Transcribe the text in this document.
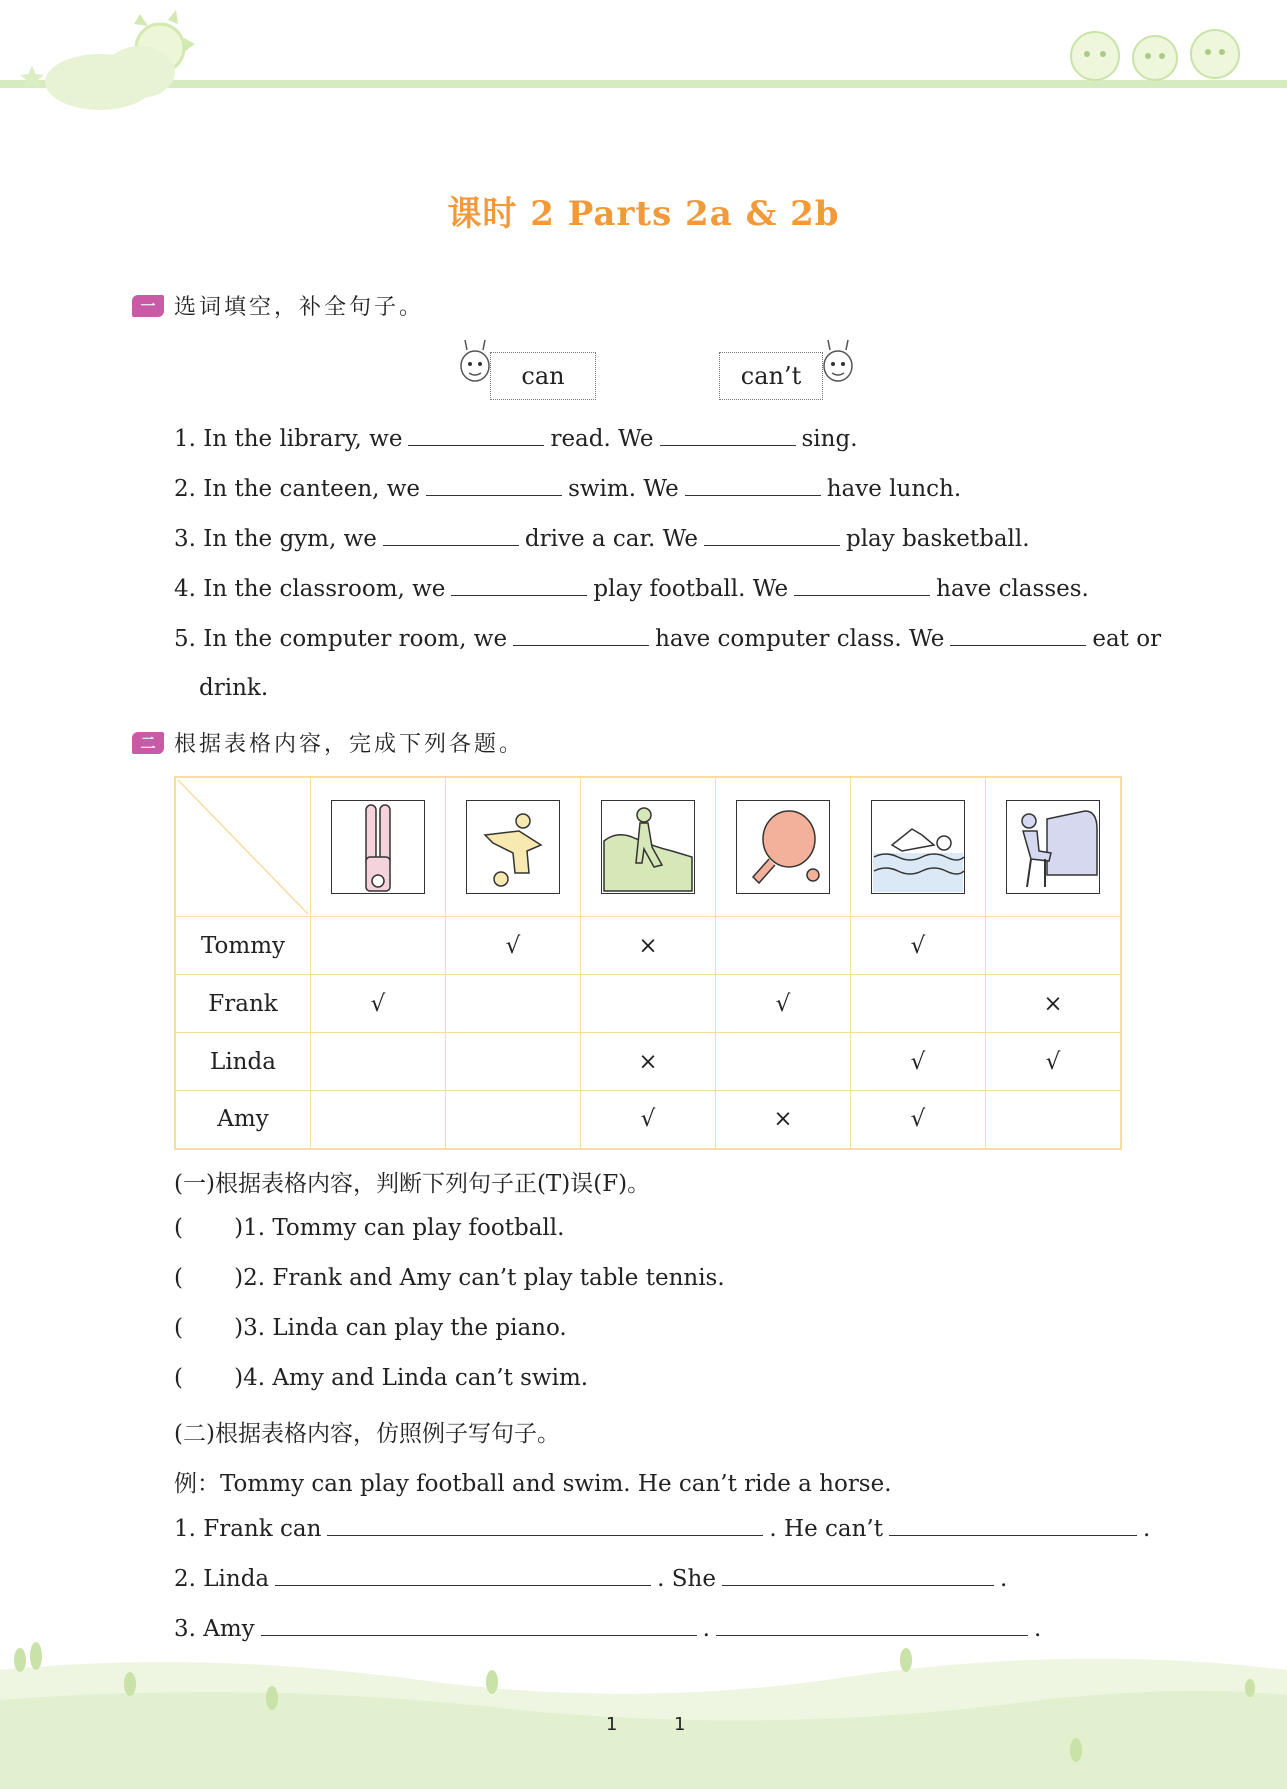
课时 2 Parts 2a & 2b
一 选词填空，补全句子。
can	can’t
1. In the library, we	read. We	sing.
2. In the canteen, we	swim. We	have lunch.
3. In the gym, we	drive a car. We	play basketball.
4. In the classroom, we	play football. We	have classes.
5. In the computer room, we	have computer class. We	eat or
drink.
二 根据表格内容，完成下列各题。

Tommy		√	×		√	
Frank	√			√		×
Linda			×		√	√
Amy			√	×	√	
(一)根据表格内容，判断下列句子正(T)误(F)。
(       )1. Tommy can play football.
(       )2. Frank and Amy can’t play table tennis.
(       )3. Linda can play the piano.
(       )4. Amy and Linda can’t swim.
(二)根据表格内容，仿照例子写句子。
例：Tommy can play football and swim. He can’t ride a horse.
1. Frank can	. He can’t	.
2. Linda	. She	.
3. Amy	.	.
1	1
